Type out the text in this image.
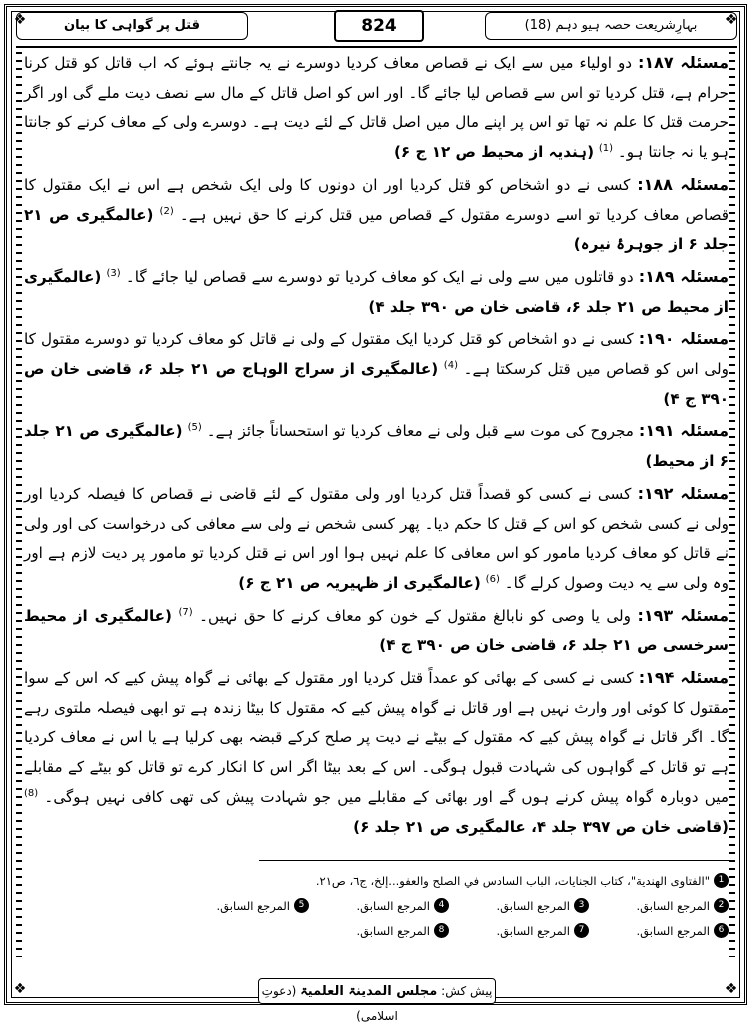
❖	❖
❖	❖
بہارِشریعت حصہ ہیو دہم (18)
824
قتل پر گواہی کا بیان

مسئلہ ۱۸۷: دو اولیاء میں سے ایک نے قصاص معاف کردیا دوسرے نے یہ جانتے ہوئے کہ اب قاتل کو قتل کرنا حرام ہے، قتل کردیا تو اس سے قصاص لیا جائے گا۔ اور اس کو اصل قاتل کے مال سے نصف دیت ملے گی اور اگر حرمت قتل کا علم نہ تھا تو اس پر اپنے مال میں اصل قاتل کے لئے دیت ہے۔ دوسرے ولی کے معاف کرنے کو جانتا ہو یا نہ جانتا ہو۔ $^{(1)}$ (ہندیہ از محیط ص ۱۲ ج ۶)

مسئلہ ۱۸۸: کسی نے دو اشخاص کو قتل کردیا اور ان دونوں کا ولی ایک شخص ہے اس نے ایک مقتول کا قصاص معاف کردیا تو اسے دوسرے مقتول کے قصاص میں قتل کرنے کا حق نہیں ہے۔ $^{(2)}$ (عالمگیری ص ۲۱ جلد ۶ از جوہرۂ نیرہ)

مسئلہ ۱۸۹: دو قاتلوں میں سے ولی نے ایک کو معاف کردیا تو دوسرے سے قصاص لیا جائے گا۔ $^{(3)}$ (عالمگیری از محیط ص ۲۱ جلد ۶، قاضی خان ص ۳۹۰ جلد ۴)

مسئلہ ۱۹۰: کسی نے دو اشخاص کو قتل کردیا ایک مقتول کے ولی نے قاتل کو معاف کردیا تو دوسرے مقتول کا ولی اس کو قصاص میں قتل کرسکتا ہے۔ $^{(4)}$ (عالمگیری از سراج الوہاج ص ۲۱ جلد ۶، قاضی خان ص ۳۹۰ ج ۴)

مسئلہ ۱۹۱: مجروح کی موت سے قبل ولی نے معاف کردیا تو استحساناً جائز ہے۔ $^{(5)}$ (عالمگیری ص ۲۱ جلد ۶ از محیط)

مسئلہ ۱۹۲: کسی نے کسی کو قصداً قتل کردیا اور ولی مقتول کے لئے قاضی نے قصاص کا فیصلہ کردیا اور ولی نے کسی شخص کو اس کے قتل کا حکم دیا۔ پھر کسی شخص نے ولی سے معافی کی درخواست کی اور ولی نے قاتل کو معاف کردیا مامور کو اس معافی کا علم نہیں ہوا اور اس نے قتل کردیا تو مامور پر دیت لازم ہے اور وہ ولی سے یہ دیت وصول کرلے گا۔ $^{(6)}$ (عالمگیری از ظہیریہ ص ۲۱ ج ۶)

مسئلہ ۱۹۳: ولی یا وصی کو نابالغ مقتول کے خون کو معاف کرنے کا حق نہیں۔ $^{(7)}$ (عالمگیری از محیط سرخسی ص ۲۱ جلد ۶، قاضی خان ص ۳۹۰ ج ۴)

مسئلہ ۱۹۴: کسی نے کسی کے بھائی کو عمداً قتل کردیا اور مقتول کے بھائی نے گواہ پیش کیے کہ اس کے سوا مقتول کا کوئی اور وارث نہیں ہے اور قاتل نے گواہ پیش کیے کہ مقتول کا بیٹا زندہ ہے تو ابھی فیصلہ ملتوی رہے گا۔ اگر قاتل نے گواہ پیش کیے کہ مقتول کے بیٹے نے دیت پر صلح کرکے قبضہ بھی کرلیا ہے یا اس نے معاف کردیا ہے تو قاتل کے گواہوں کی شہادت قبول ہوگی۔ اس کے بعد بیٹا اگر اس کا انکار کرے تو قاتل کو بیٹے کے مقابلے میں دوبارہ گواہ پیش کرنے ہوں گے اور بھائی کے مقابلے میں جو شہادت پیش کی تھی کافی نہیں ہوگی۔ $^{(8)}$ (قاضی خان ص ۳۹۷ جلد ۴، عالمگیری ص ۲۱ جلد ۶)

1
"الفتاوى الهندية"، كتاب الجنايات، الباب السادس في الصلح والعفو...إلخ، ج٦، ص٢١.
2
المرجع السابق.
3
المرجع السابق.
4
المرجع السابق.
5
المرجع السابق.
6
المرجع السابق.
7
المرجع السابق.
8
المرجع السابق.
پیش کش: مجلس المدینۃ العلمیۃ (دعوتِ اسلامی)
